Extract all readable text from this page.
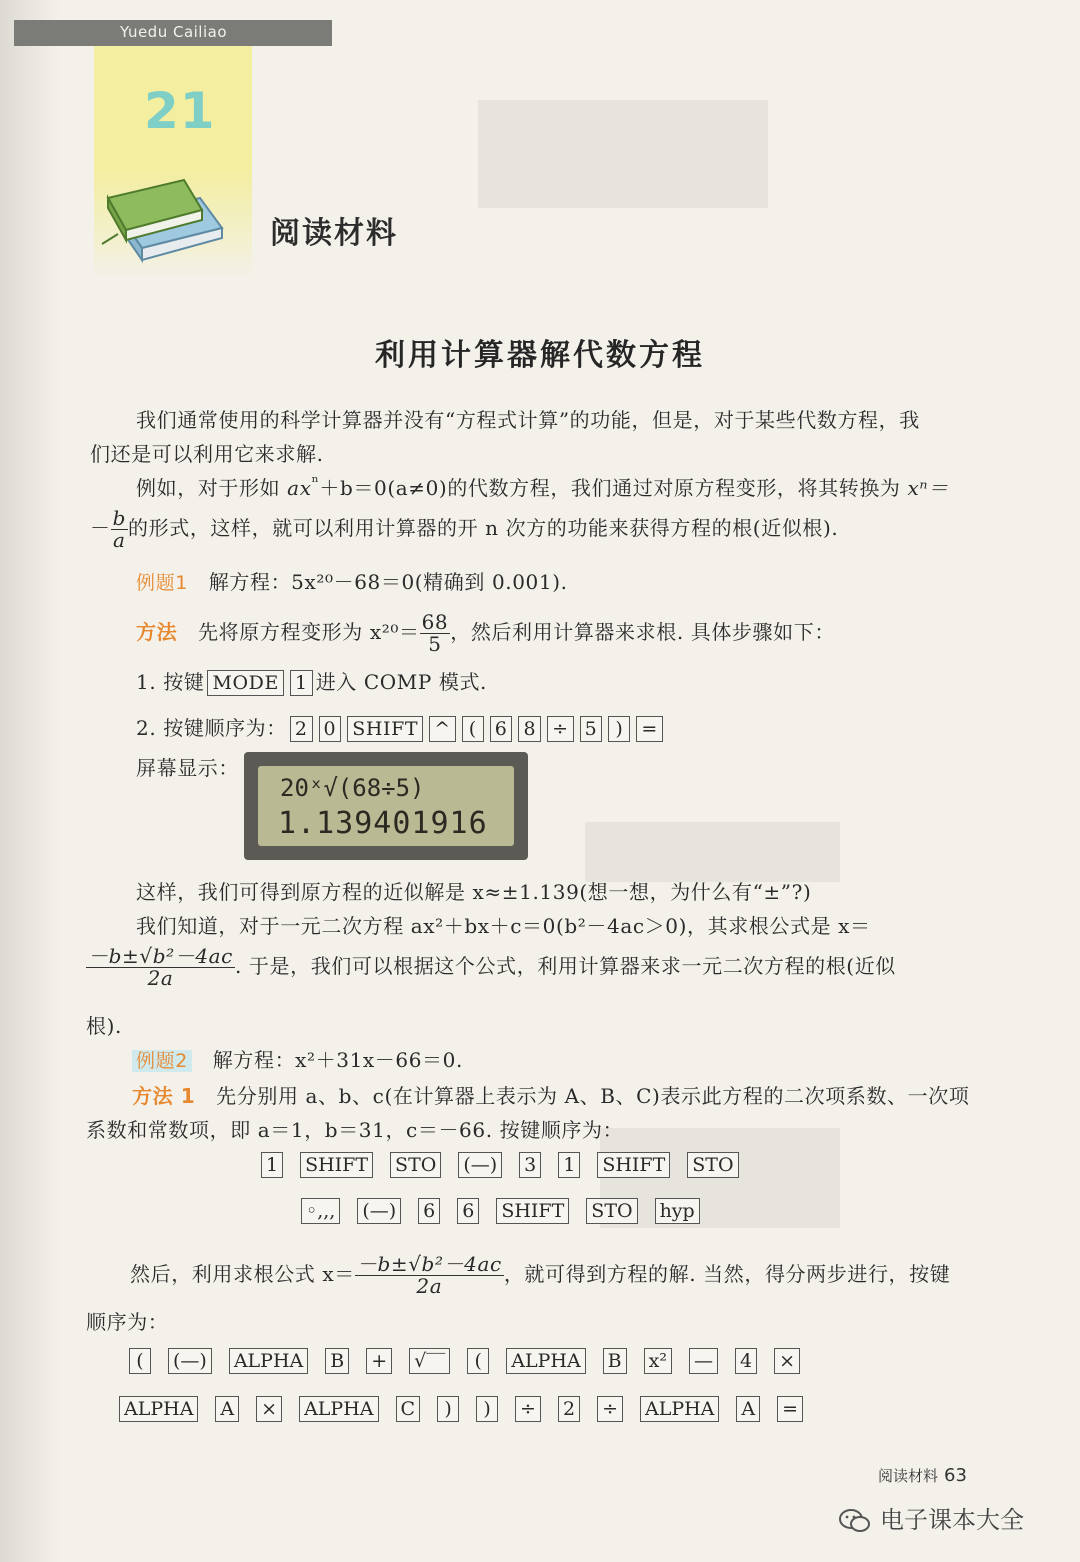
Yuedu Cailiao
21
阅读材料
利用计算器解代数方程
我们通常使用的科学计算器并没有“方程式计算”的功能，但是，对于某些代数方程，我
们还是可以利用它来求解.
例如，对于形如 $ax^{^n}+b=0(a\ne 0)$的代数方程，我们通过对原方程变形，将其转换为 xⁿ＝
－ $\frac{b}{a}$ 的形式，这样，就可以利用计算器的开 n 次方的功能来获得方程的根(近似根).
例题1 解方程：5x²⁰－68＝0(精确到 0.001).
方法 先将原方程变形为 $x^{20}= \frac{68}{5}$ ，然后利用计算器来求根. 具体步骤如下：
1. 按键 MODE 1 进入 COMP 模式.
2. 按键顺序为： 2 0 SHIFT ^ ( 6 8 ÷ 5 ) =
屏幕显示：
20ˣ√(68÷5)
1.139401916
这样，我们可得到原方程的近似解是 x≈±1.139(想一想，为什么有“±”?)
我们知道，对于一元二次方程 ax²＋bx＋c＝0(b²－4ac＞0)，其求根公式是 x＝
$\frac{\text{－b±√b²－4ac}}{2a}$ . 于是，我们可以根据这个公式，利用计算器来求一元二次方程的根(近似
根).
例题2 解方程：x²＋31x－66＝0.
方法 1 先分别用 a、b、c(在计算器上表示为 A、B、C)表示此方程的二次项系数、一次项
系数和常数项，即 a＝1，b＝31，c＝－66. 按键顺序为：
1 SHIFT STO (—) 3 1 SHIFT STO
◦,,, (—) 6 6 SHIFT STO hyp
然后，利用求根公式 $x= \frac{\text{－b±√b²－4ac}}{2a}$ ，就可得到方程的解. 当然，得分两步进行，按键
顺序为：
( (—) ALPHA B + √‾‾ ( ALPHA B x² — 4 ×
ALPHA A × ALPHA C ) ) ÷ 2 ÷ ALPHA A =
阅读材料 63
电子课本大全
